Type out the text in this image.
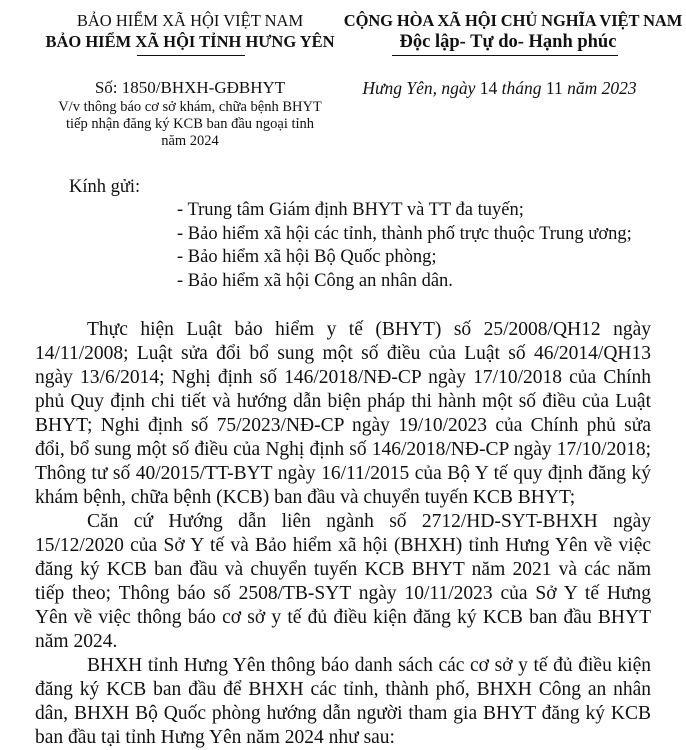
BẢO HIỂM XÃ HỘI VIỆT NAM
BẢO HIỂM XÃ HỘI TỈNH HƯNG YÊN
CỘNG HÒA XÃ HỘI CHỦ NGHĨA VIỆT NAM
Độc lập- Tự do- Hạnh phúc
Số: 1850/BHXH-GĐBHYT
V/v thông báo cơ sở khám, chữa bệnh BHYT
tiếp nhận đăng ký KCB ban đầu ngoại tỉnh
năm 2024
Hưng Yên, ngày 14 tháng 11 năm 2023
Kính gửi:
- Trung tâm Giám định BHYT và TT đa tuyến;
- Bảo hiểm xã hội các tỉnh, thành phố trực thuộc Trung ương;
- Bảo hiểm xã hội Bộ Quốc phòng;
- Bảo hiểm xã hội Công an nhân dân.

Thực hiện Luật bảo hiểm y tế (BHYT) số 25/2008/QH12 ngày 14/11/2008; Luật sửa đổi bổ sung một số điều của Luật số 46/2014/QH13 ngày 13/6/2014; Nghị định số 146/2018/NĐ-CP ngày 17/10/2018 của Chính phủ Quy định chi tiết và hướng dẫn biện pháp thi hành một số điều của Luật BHYT; Nghi định số 75/2023/NĐ-CP ngày 19/10/2023 của Chính phủ sửa đổi, bổ sung một số điều của Nghị định số 146/2018/NĐ-CP ngày 17/10/2018; Thông tư số 40/2015/TT-BYT ngày 16/11/2015 của Bộ Y tế quy định đăng ký khám bệnh, chữa bệnh (KCB) ban đầu và chuyển tuyến KCB BHYT;

Căn cứ Hướng dẫn liên ngành số 2712/HD-SYT-BHXH ngày 15/12/2020 của Sở Y tế và Bảo hiểm xã hội (BHXH) tỉnh Hưng Yên về việc đăng ký KCB ban đầu và chuyển tuyến KCB BHYT năm 2021 và các năm tiếp theo; Thông báo số 2508/TB-SYT ngày 10/11/2023 của Sở Y tế Hưng Yên về việc thông báo cơ sở y tế đủ điều kiện đăng ký KCB ban đầu BHYT năm 2024.

BHXH tỉnh Hưng Yên thông báo danh sách các cơ sở y tế đủ điều kiện đăng ký KCB ban đầu để BHXH các tỉnh, thành phố, BHXH Công an nhân dân, BHXH Bộ Quốc phòng hướng dẫn người tham gia BHYT đăng ký KCB ban đầu tại tỉnh Hưng Yên năm 2024 như sau:
